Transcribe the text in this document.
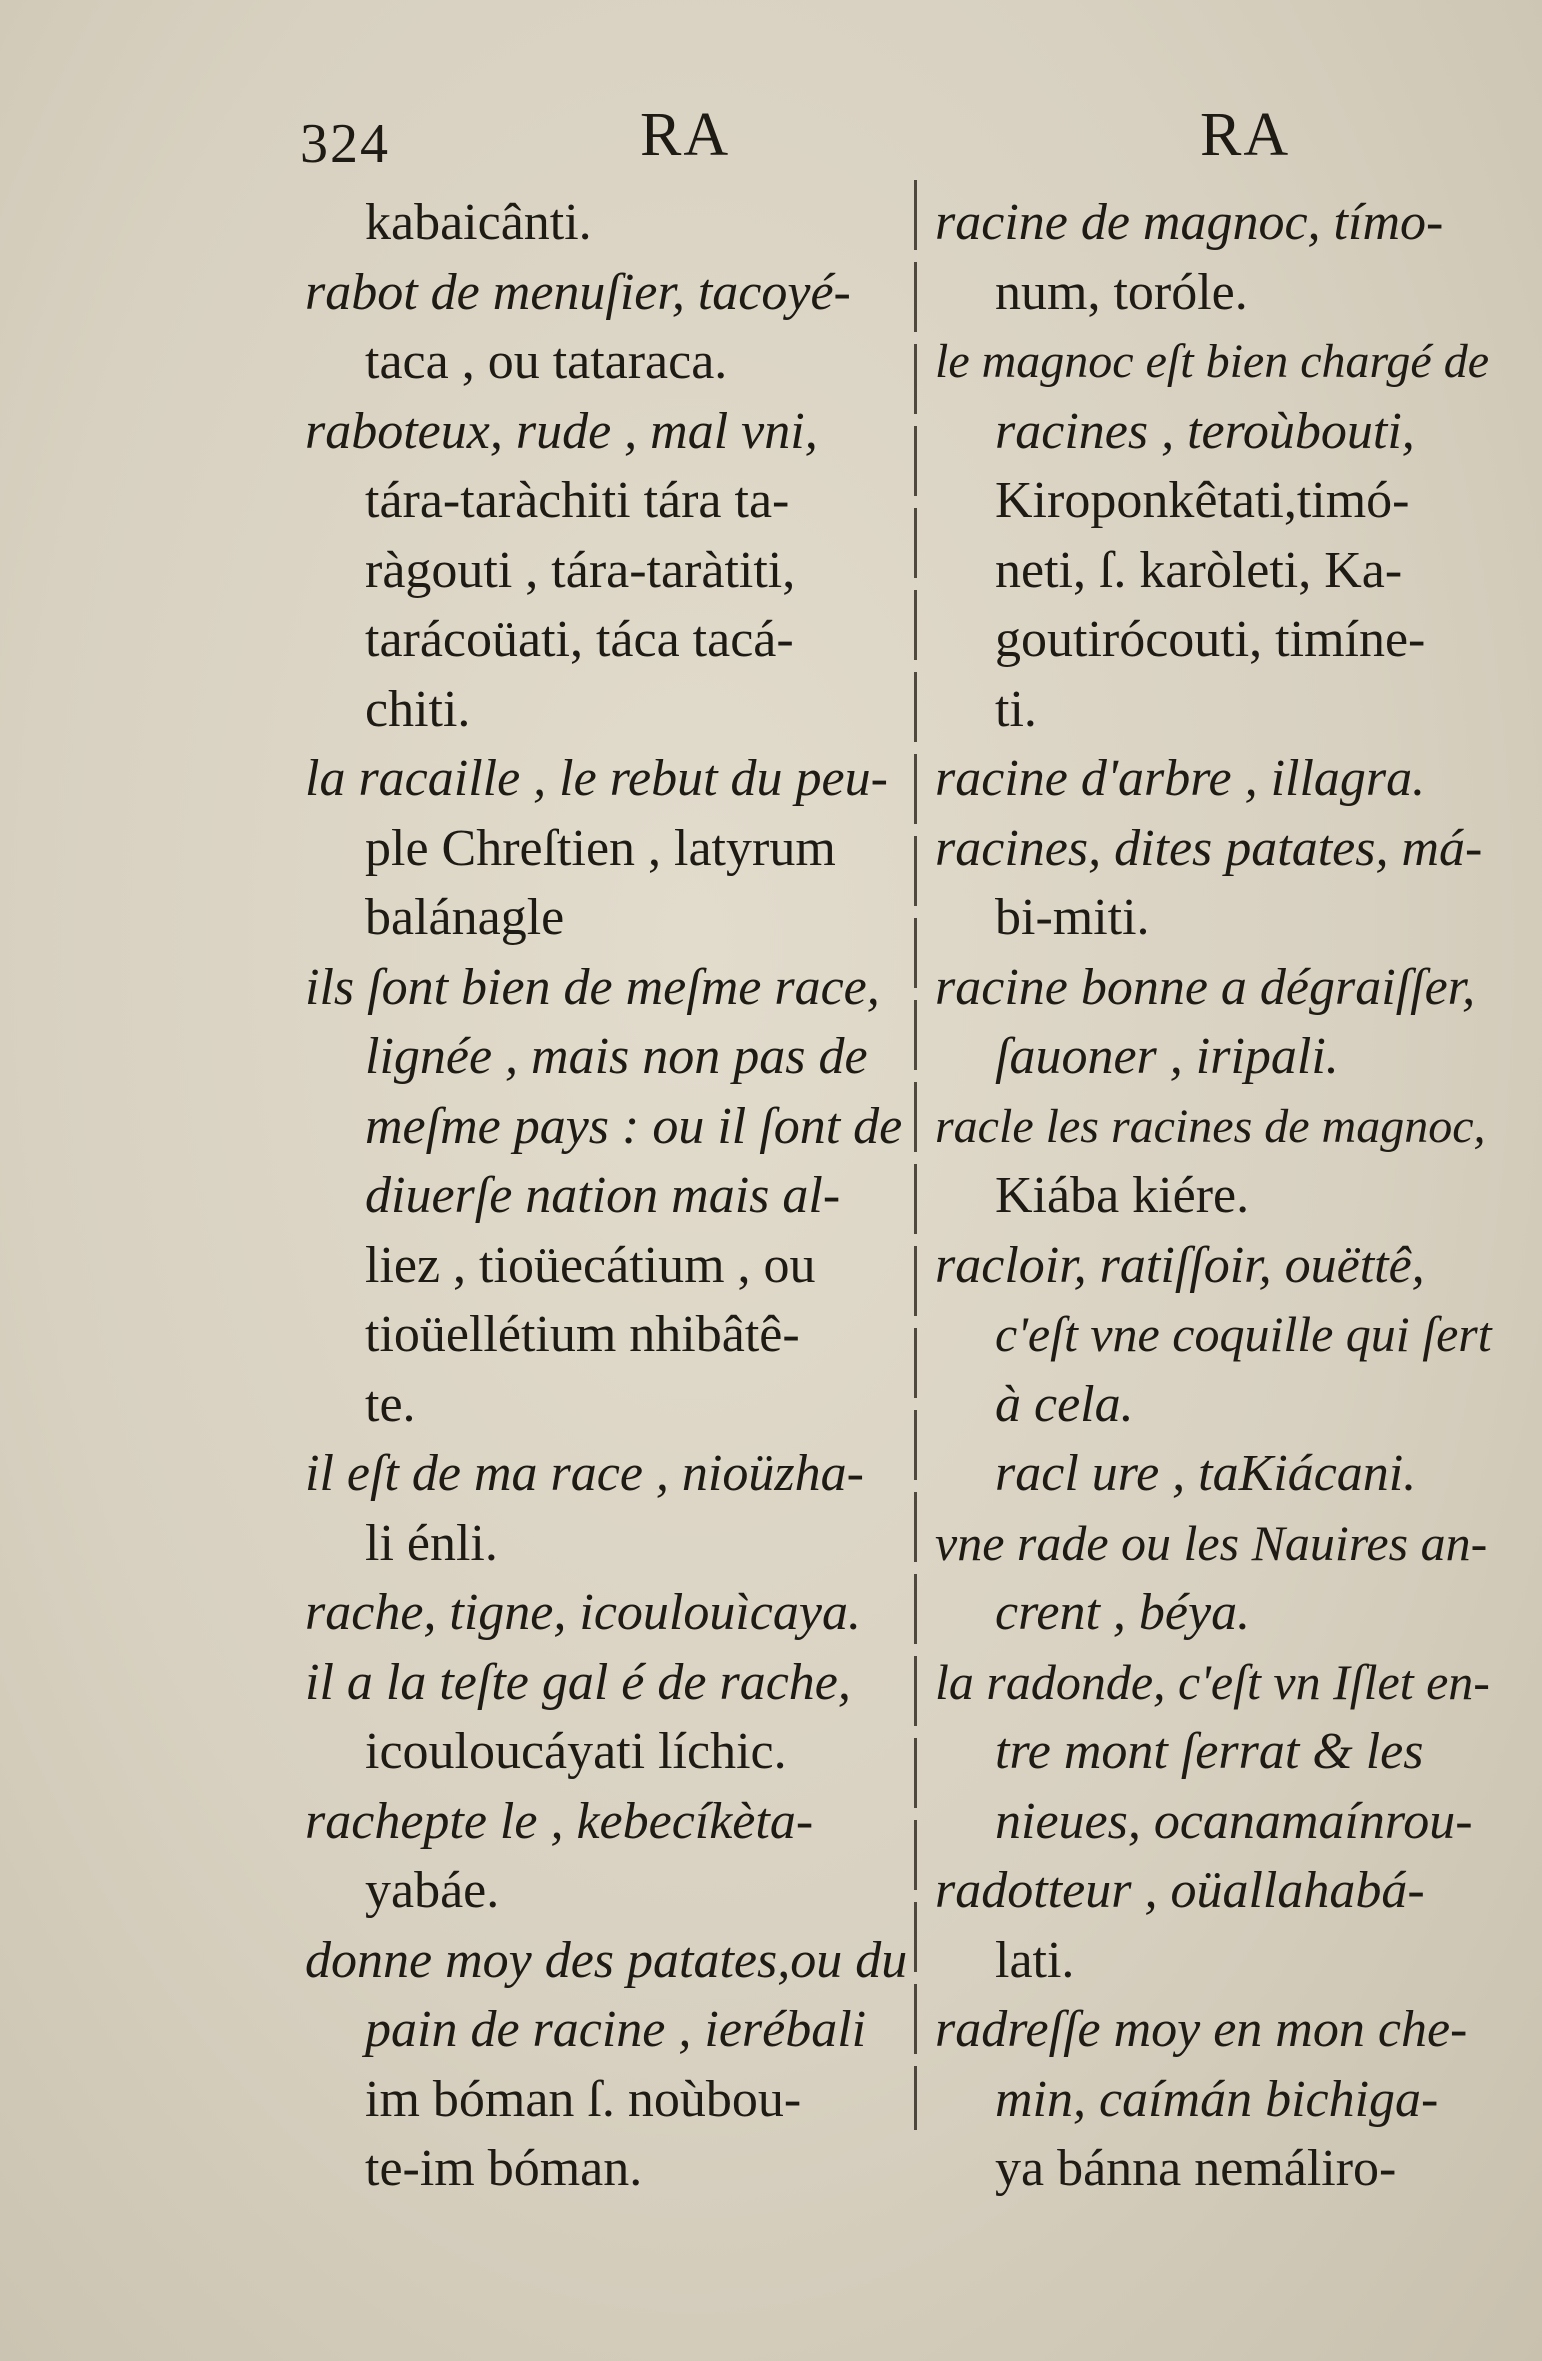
324	RA	RA
kabaicânti.
rabot de menuſier, tacoyé-
taca , ou tataraca.
raboteux, rude , mal vni,
tára-taràchiti tára ta-
ràgouti , tára-taràtiti,
tarácoüati, táca tacá-
chiti.
la racaille , le rebut du peu-
ple Chreſtien , latyrum
balánagle
ils ſont bien de meſme race,
lignée , mais non pas de
meſme pays : ou il ſont de
diuerſe nation mais al-
liez , tioüecátium , ou
tioüellétium nhibâtê-
te.
il eſt de ma race , nioüzha-
li énli.
rache, tigne, icoulouìcaya.
il a la teſte gal é de rache,
icouloucáyati líchic.
rachepte le , kebecíkèta-
yabáe.
donne moy des patates,ou du
pain de racine , ierébali
im bóman ſ. noùbou-
te-im bóman.
racine de magnoc, tímo-
num, toróle.
le magnoc eſt bien chargé de
racines , teroùbouti,
Kiroponkêtati,timó-
neti, ſ. karòleti, Ka-
goutirócouti, timíne-
ti.
racine d'arbre , illagra.
racines, dites patates, má-
bi-miti.
racine bonne a dégraiſſer,
ſauoner , iripali.
racle les racines de magnoc,
Kiába kiére.
racloir, ratiſſoir, ouëttê,
c'eſt vne coquille qui ſert
à cela.
racl ure , taKiácani.
vne rade ou les Nauires an-
crent , béya.
la radonde, c'eſt vn Iſlet en-
tre mont ſerrat & les
nieues, ocanamaínrou-
radotteur , oüallahabá-
lati.
radreſſe moy en mon che-
min, caímán bichiga-
ya bánna nemáliro-
